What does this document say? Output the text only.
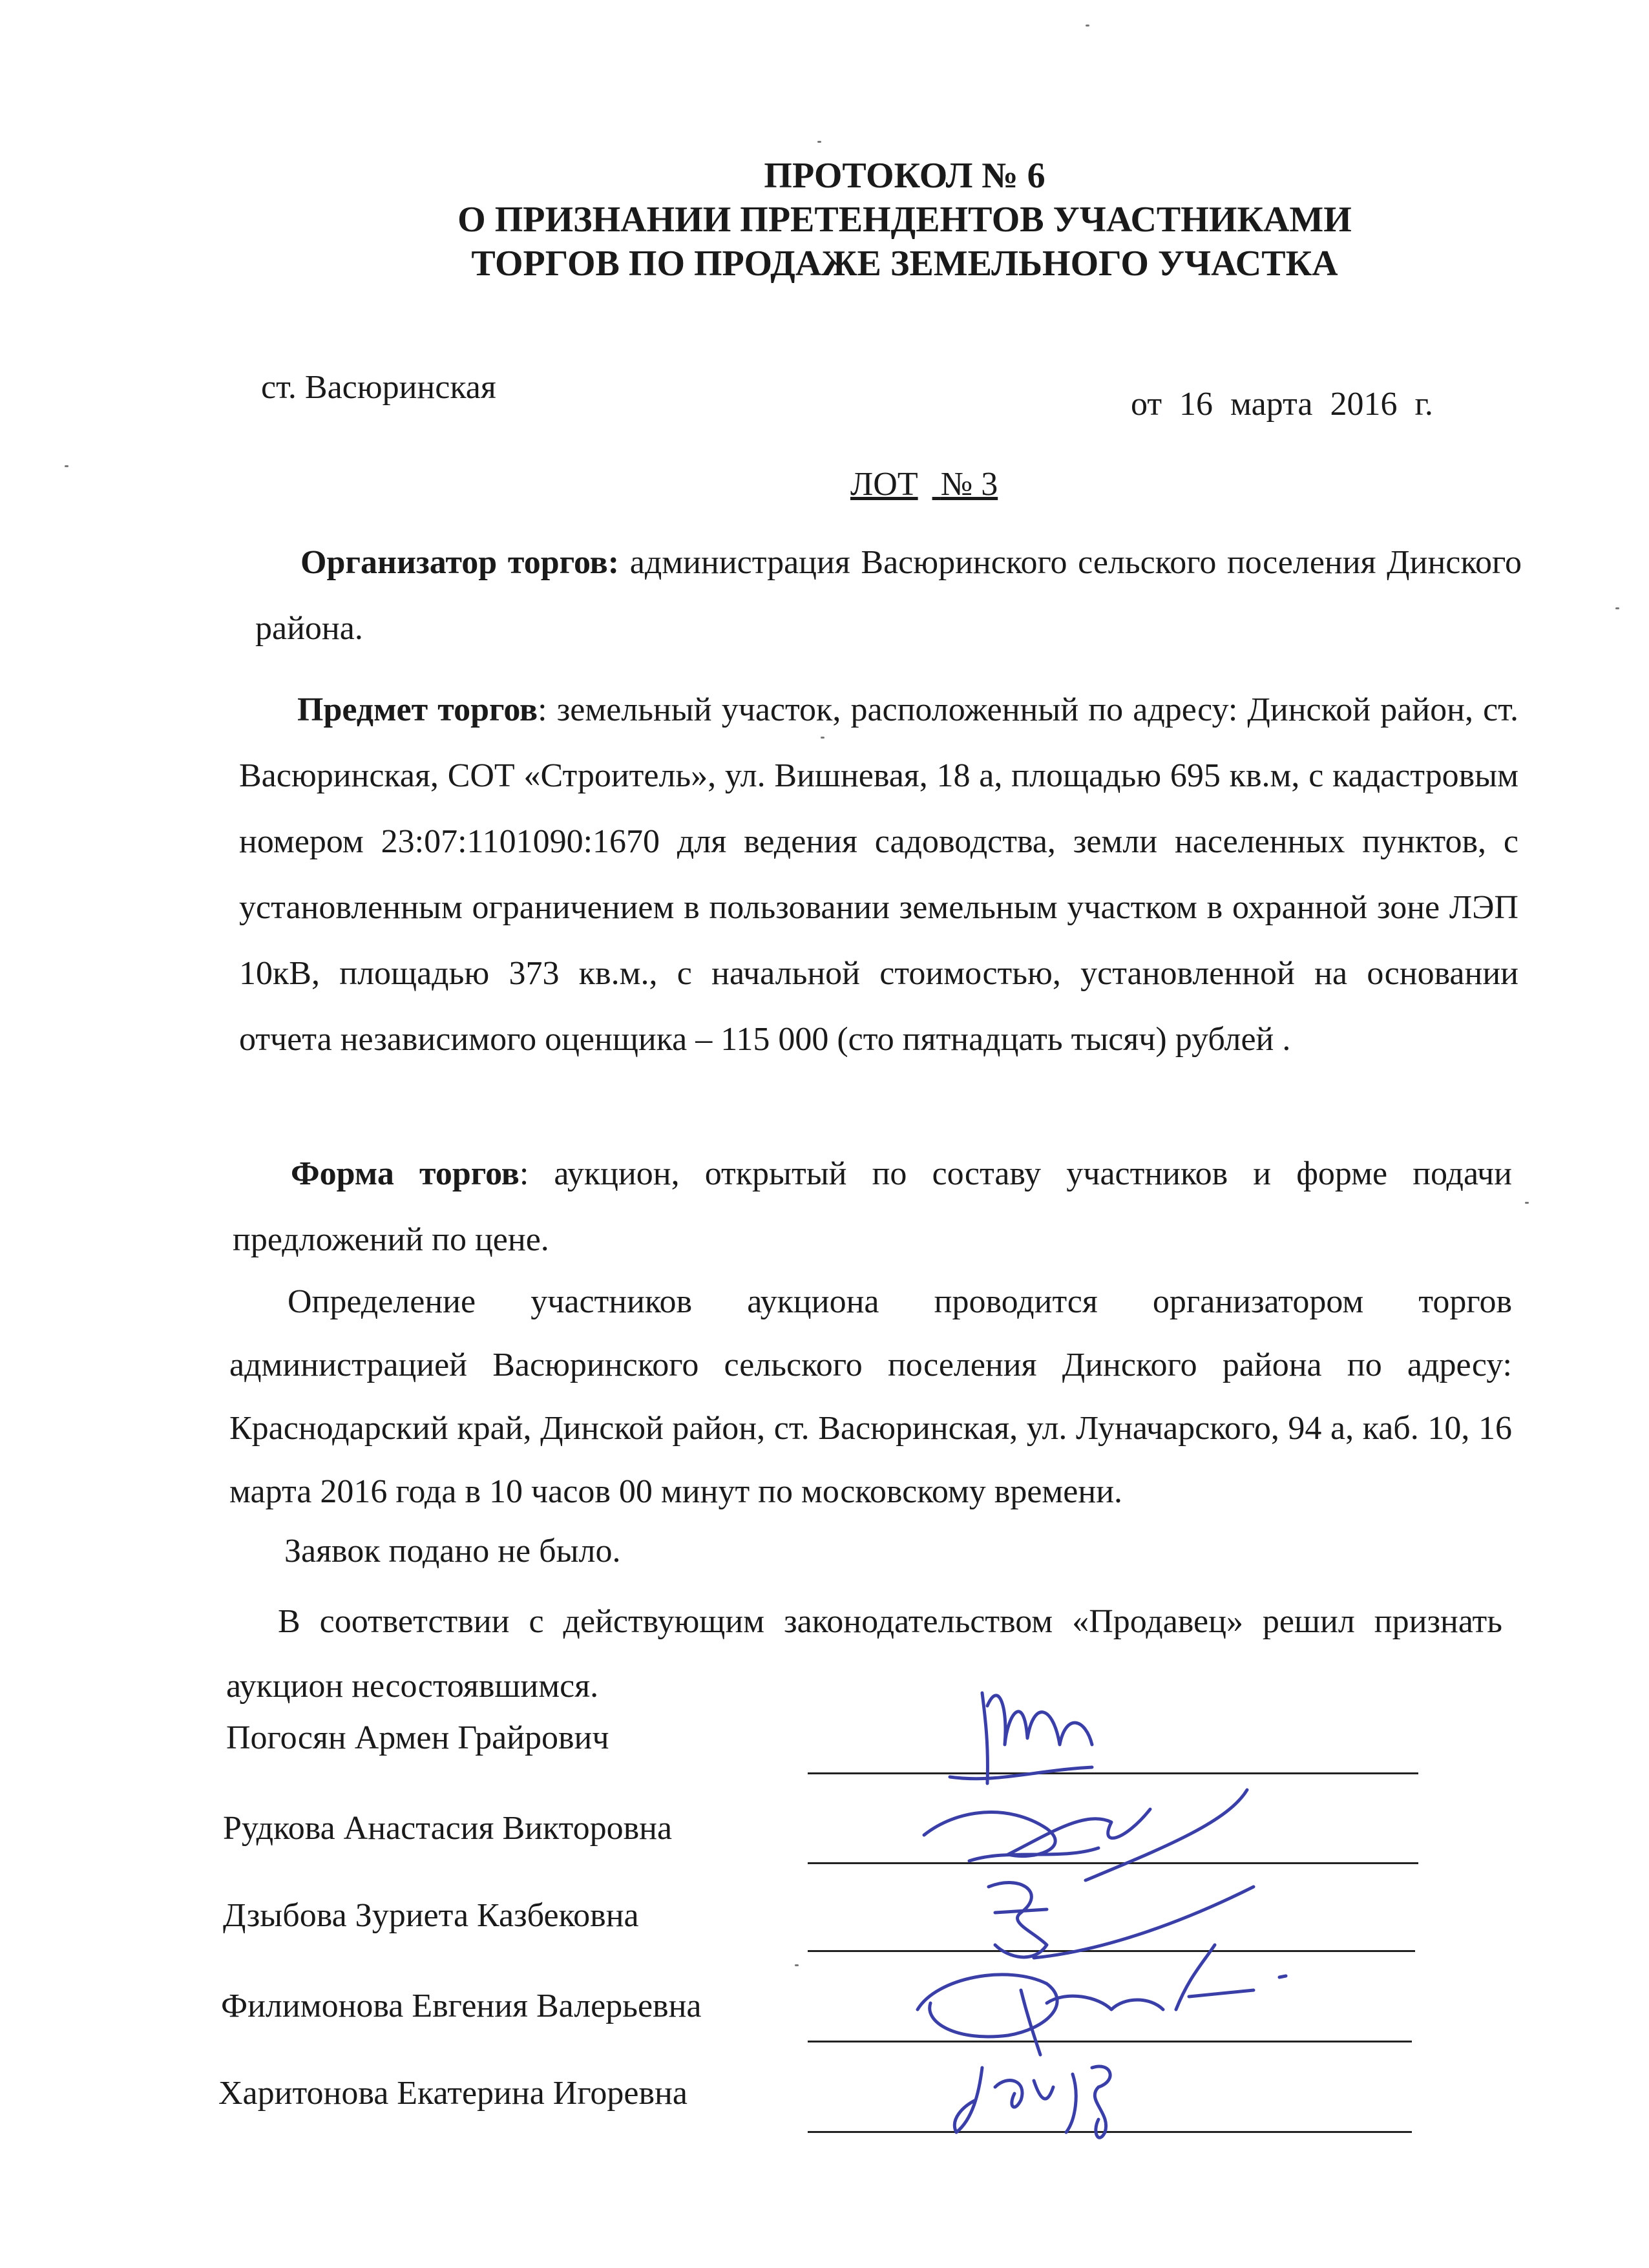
ПРОТОКОЛ № 6
О ПРИЗНАНИИ ПРЕТЕНДЕНТОВ УЧАСТНИКАМИ
ТОРГОВ ПО ПРОДАЖЕ ЗЕМЕЛЬНОГО УЧАСТКА
ст. Васюринская	от 16 марта 2016 г.
ЛОТ № 3
Организатор торгов: администрация Васюринского сельского поселения Динского района.
Предмет торгов: земельный участок, расположенный по адресу: Динской район, ст. Васюринская, СОТ «Строитель», ул. Вишневая, 18 а, площадью 695 кв.м, с кадастровым номером 23:07:1101090:1670 для ведения садоводства, земли населенных пунктов, с установленным ограничением в пользовании земельным участком в охранной зоне ЛЭП 10кВ, площадью 373 кв.м., с начальной стоимостью, установленной на основании отчета независимого оценщика – 115 000 (сто пятнадцать тысяч) рублей .
Форма торгов: аукцион, открытый по составу участников и форме подачи предложений по цене.
Определение участников аукциона проводится организатором торгов администрацией Васюринского сельского поселения Динского района по адресу: Краснодарский край, Динской район, ст. Васюринская, ул. Луначарского, 94 а, каб. 10, 16 марта 2016 года в 10 часов 00 минут по московскому времени.
Заявок подано не было.
В соответствии с действующим законодательством «Продавец» решил признать аукцион несостоявшимся.
Погосян Армен Грайрович
Рудкова Анастасия Викторовна
Дзыбова Зуриета Казбековна
Филимонова Евгения Валерьевна
Харитонова Екатерина Игоревна
